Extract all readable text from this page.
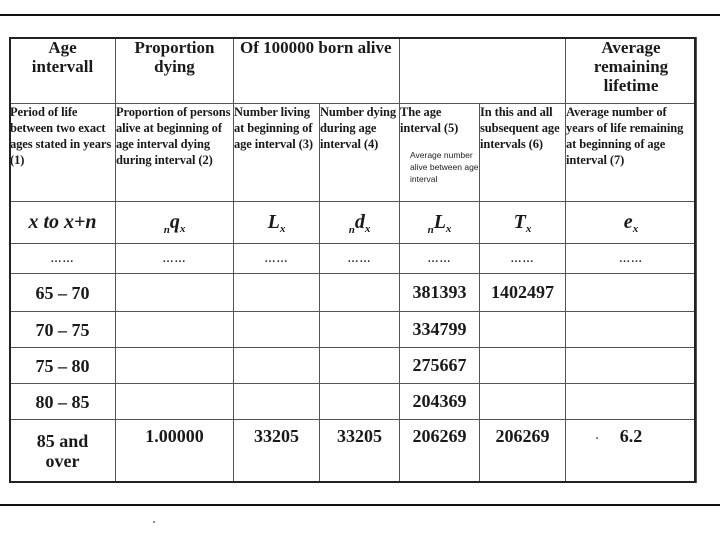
Age intervall	Proportion dying	Of 100000 born alive				Average remaining lifetime
Period of life between two exact ages stated in years (1)	Proportion of persons alive at beginning of age interval dying during interval (2)	Number living at beginning of age interval (3)	Number dying during age interval (4)	The age interval (5)	In this and all subsequent age intervals (6)	Average number of years of life remaining at beginning of age interval (7)
x to x+n	$_nq_x$	$L_x$	$_nd_x$	$_nL_x$	$T_x$	$e_x$
……	……	……	……	……	……	……
65 – 70				381393	1402497	
70 – 75				334799		
75 – 80				275667		
80 – 85				204369		
85 and over	1.00000	33205	33205	206269	206269	6.2
Average number alive between age interval
